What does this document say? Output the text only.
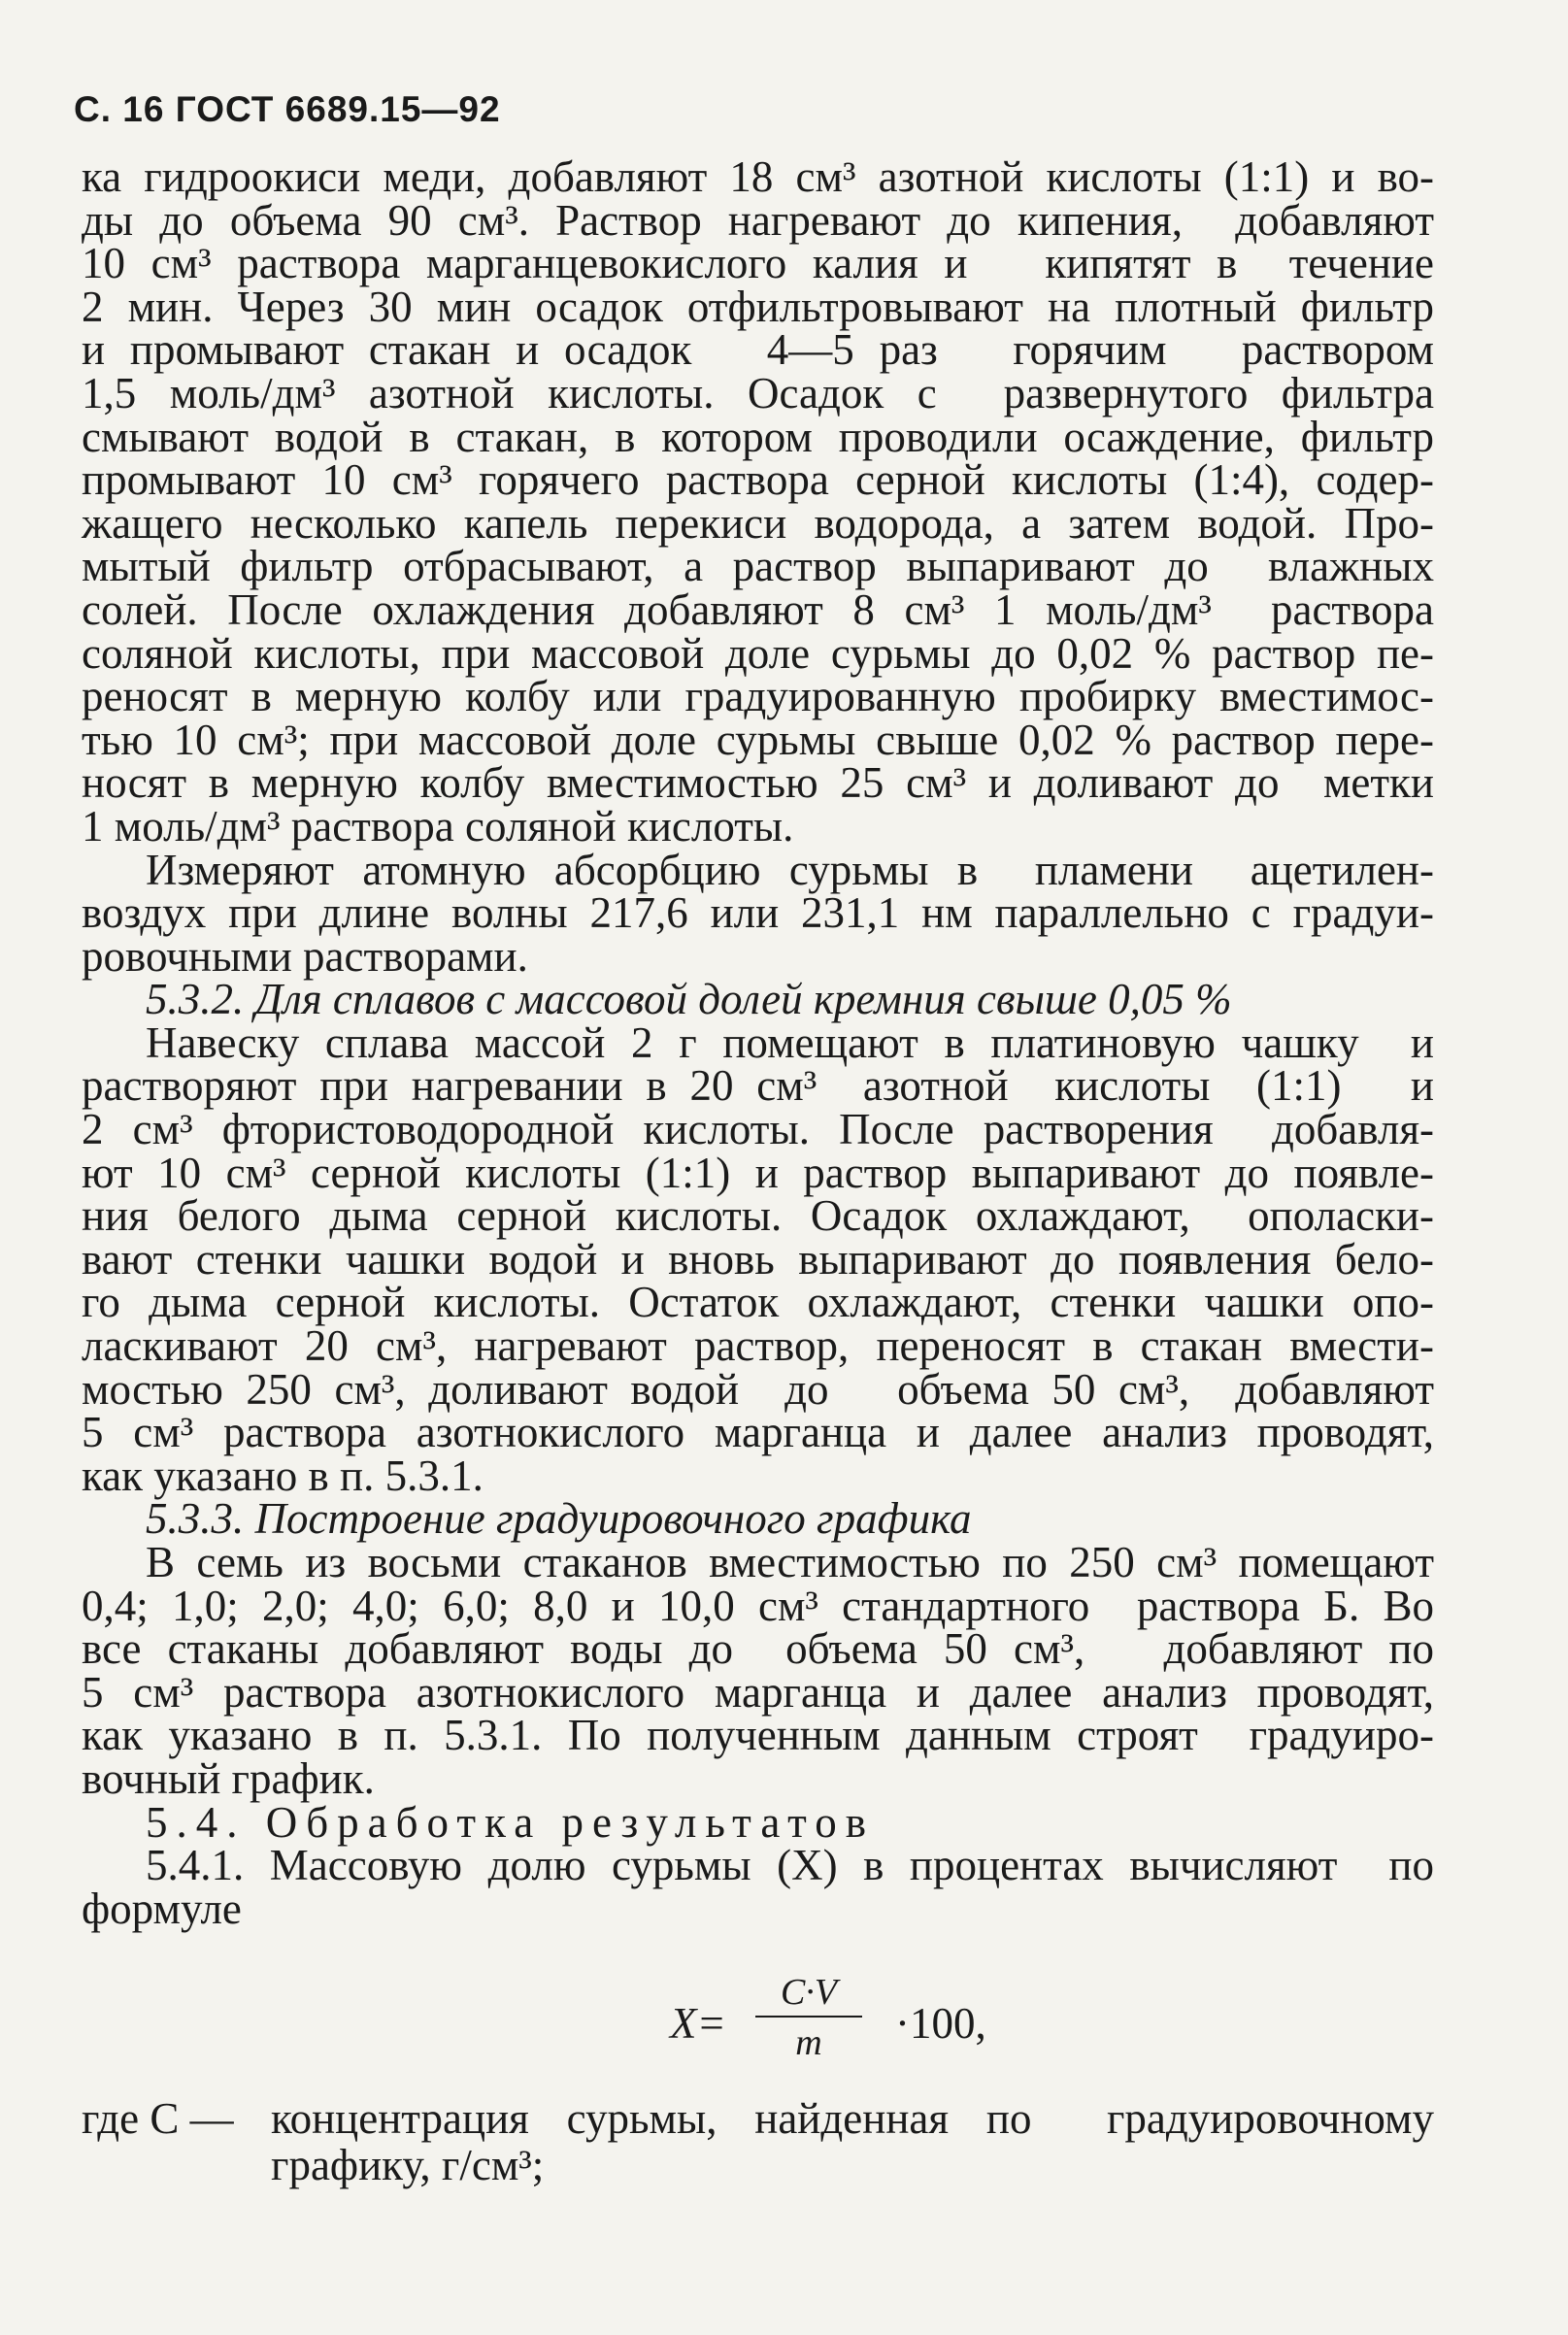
С. 16 ГОСТ 6689.15—92
ка гидроокиси меди, добавляют 18 см³ азотной кислоты (1:1) и во-
ды до объема 90 см³. Раствор нагревают до кипения,  добавляют
10 см³ раствора марганцевокислого калия и   кипятят в  течение
2 мин. Через 30 мин осадок отфильтровывают на плотный фильтр
и промывают стакан и осадок   4—5 раз   горячим   раствором
1,5 моль/дм³ азотной кислоты. Осадок с  развернутого фильтра
смывают водой в стакан, в котором проводили осаждение, фильтр
промывают 10 см³ горячего раствора серной кислоты (1:4), содер-
жащего несколько капель перекиси водорода, а затем водой. Про-
мытый фильтр отбрасывают, а раствор выпаривают до  влажных
солей. После охлаждения добавляют 8 см³ 1 моль/дм³  раствора
соляной кислоты, при массовой доле сурьмы до 0,02 % раствор пе-
реносят в мерную колбу или градуированную пробирку вместимос-
тью 10 см³; при массовой доле сурьмы свыше 0,02 % раствор пере-
носят в мерную колбу вместимостью 25 см³ и доливают до  метки
1 моль/дм³ раствора соляной кислоты.
Измеряют атомную абсорбцию сурьмы в  пламени  ацетилен-
воздух при длине волны 217,6 или 231,1 нм параллельно с градуи-
ровочными растворами.
5.3.2. Для сплавов с массовой долей кремния свыше 0,05 %
Навеску сплава массой 2 г помещают в платиновую чашку  и
растворяют при нагревании в 20 см³  азотной  кислоты  (1:1)   и
2 см³ фтористоводородной кислоты. После растворения  добавля-
ют 10 см³ серной кислоты (1:1) и раствор выпаривают до появле-
ния белого дыма серной кислоты. Осадок охлаждают,  ополаски-
вают стенки чашки водой и вновь выпаривают до появления бело-
го дыма серной кислоты. Остаток охлаждают, стенки чашки опо-
ласкивают 20 см³, нагревают раствор, переносят в стакан вмести-
мостью 250 см³, доливают водой  до   объема 50 см³,  добавляют
5 см³ раствора азотнокислого марганца и далее анализ проводят,
как указано в п. 5.3.1.
5.3.3. Построение градуировочного графика
В семь из восьми стаканов вместимостью по 250 см³ помещают
0,4; 1,0; 2,0; 4,0; 6,0; 8,0 и 10,0 см³ стандартного  раствора Б. Во
все стаканы добавляют воды до  объема 50 см³,   добавляют по
5 см³ раствора азотнокислого марганца и далее анализ проводят,
как указано в п. 5.3.1. По полученным данным строят  градуиро-
вочный график.
5.4. Обработка результатов
5.4.1. Массовую долю сурьмы (X) в процентах вычисляют  по
формуле
X=
C·V
m	·100,
где C — концентрация сурьмы, найденная по  градуировочному
графику, г/см³;
